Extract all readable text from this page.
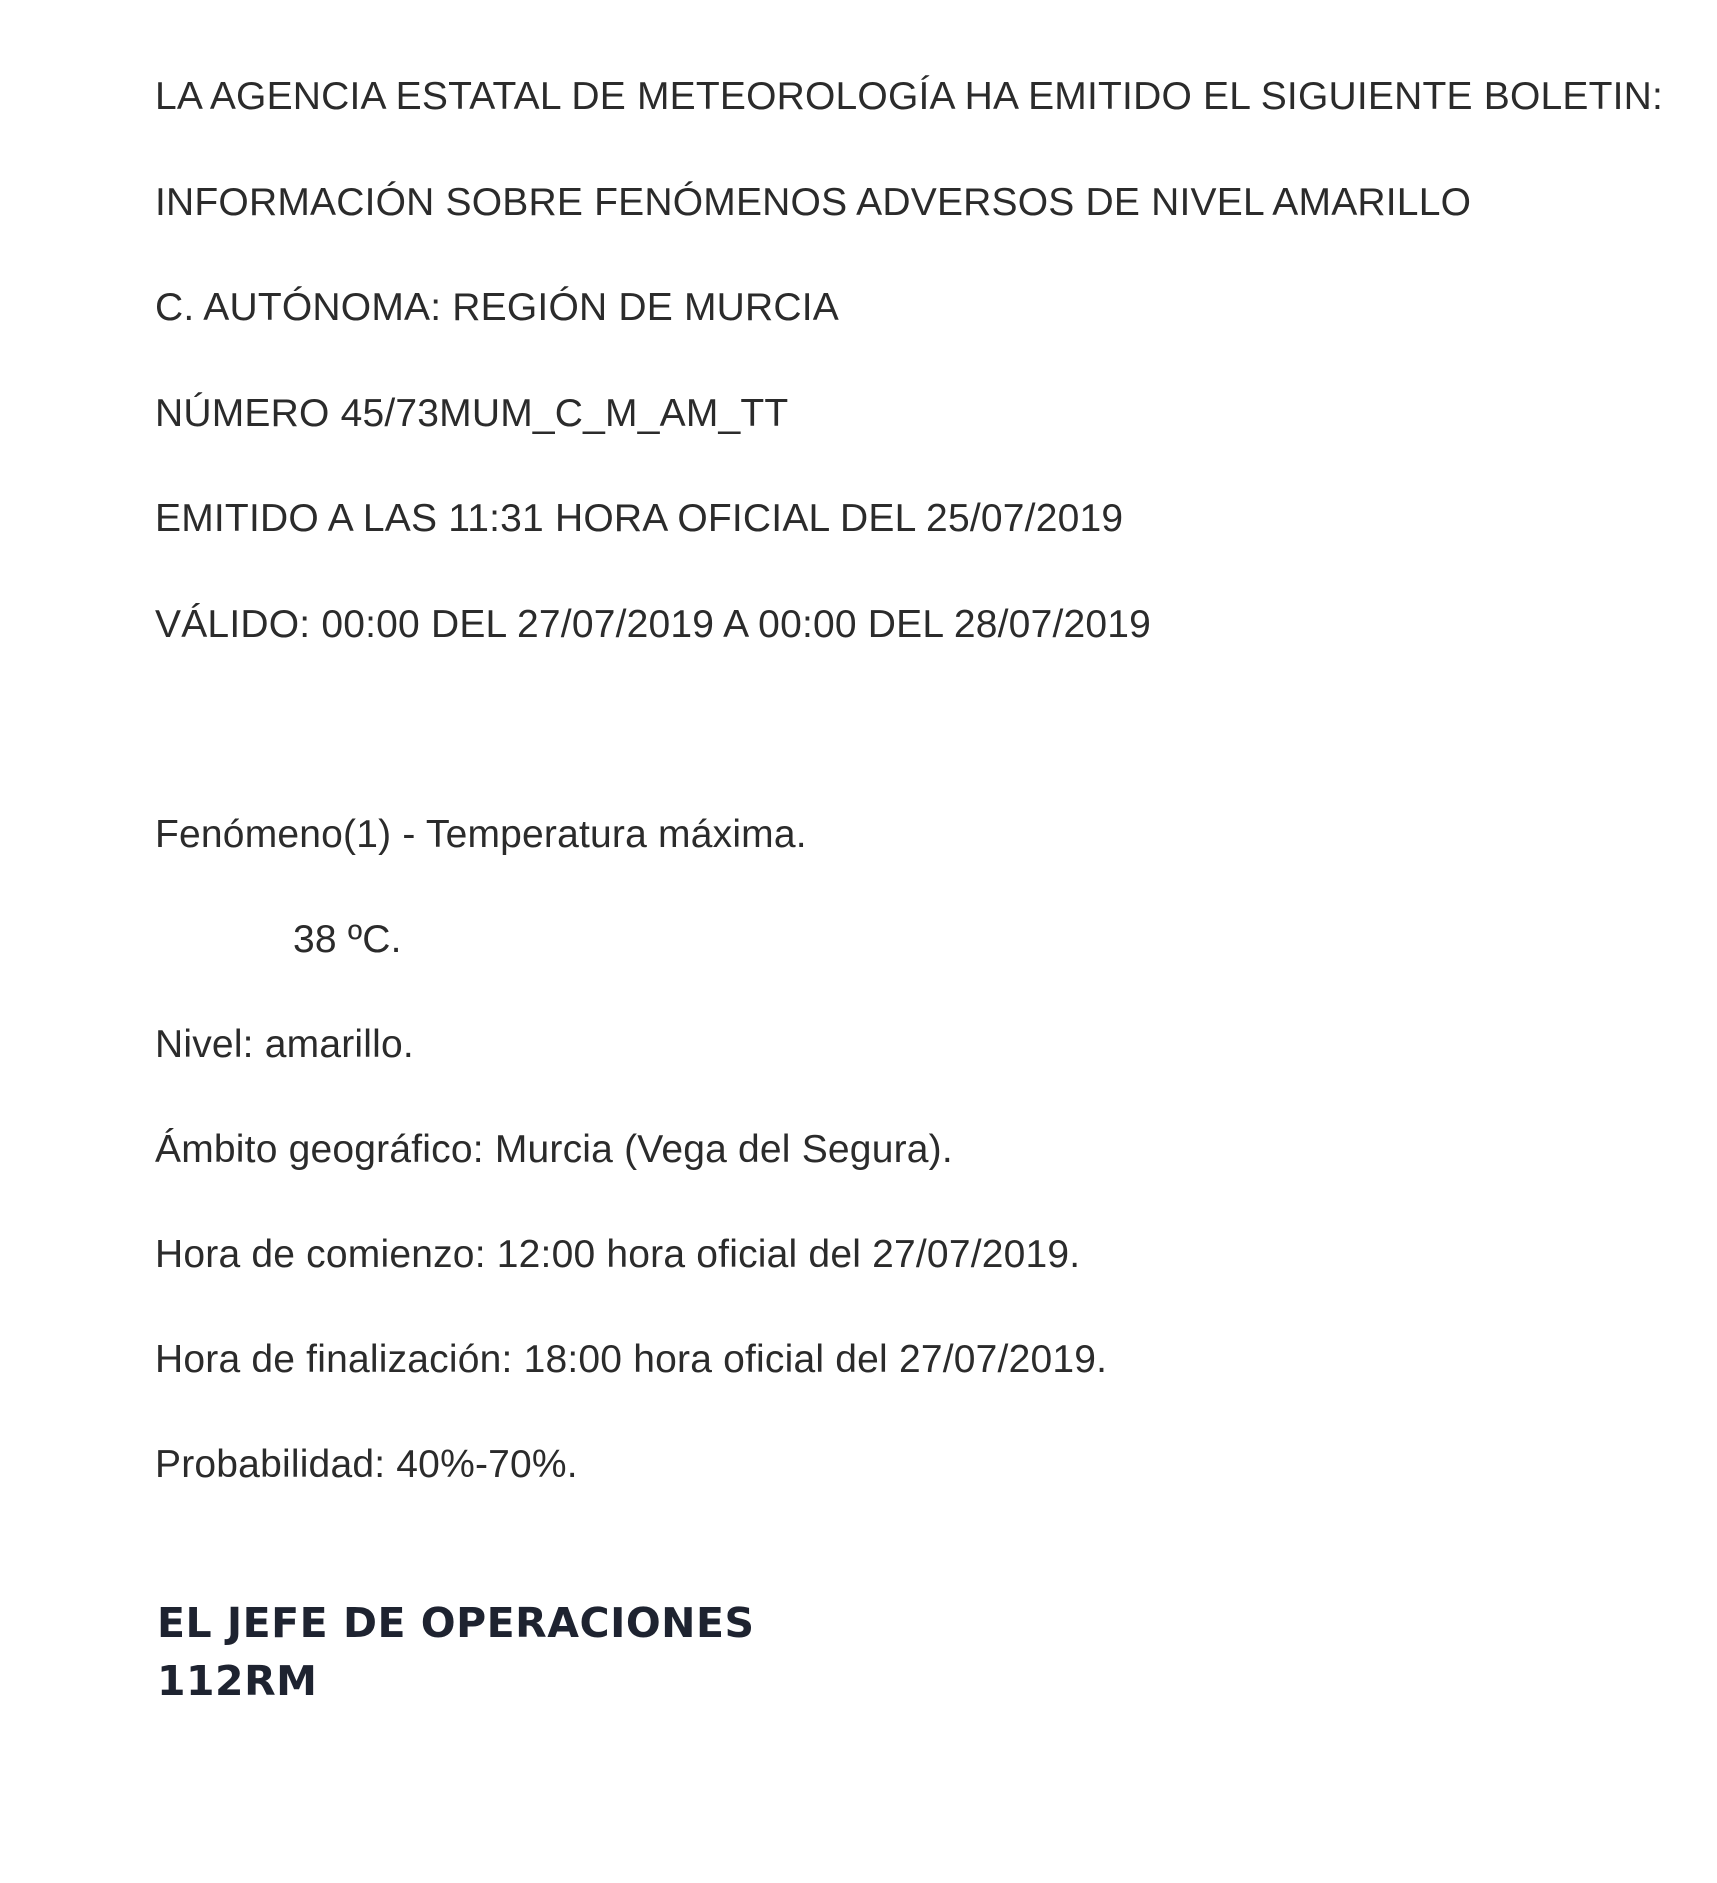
LA AGENCIA ESTATAL DE METEOROLOGÍA HA EMITIDO EL SIGUIENTE BOLETIN:
INFORMACIÓN SOBRE FENÓMENOS ADVERSOS DE NIVEL AMARILLO
C. AUTÓNOMA: REGIÓN DE MURCIA
NÚMERO 45/73MUM_C_M_AM_TT
EMITIDO A LAS 11:31 HORA OFICIAL DEL 25/07/2019
VÁLIDO: 00:00 DEL 27/07/2019 A 00:00 DEL 28/07/2019
Fenómeno(1) - Temperatura máxima.
38 ºC.
Nivel: amarillo.
Ámbito geográfico: Murcia (Vega del Segura).
Hora de comienzo: 12:00 hora oficial del 27/07/2019.
Hora de finalización: 18:00 hora oficial del 27/07/2019.
Probabilidad: 40%-70%.
EL JEFE DE OPERACIONES
112RM
